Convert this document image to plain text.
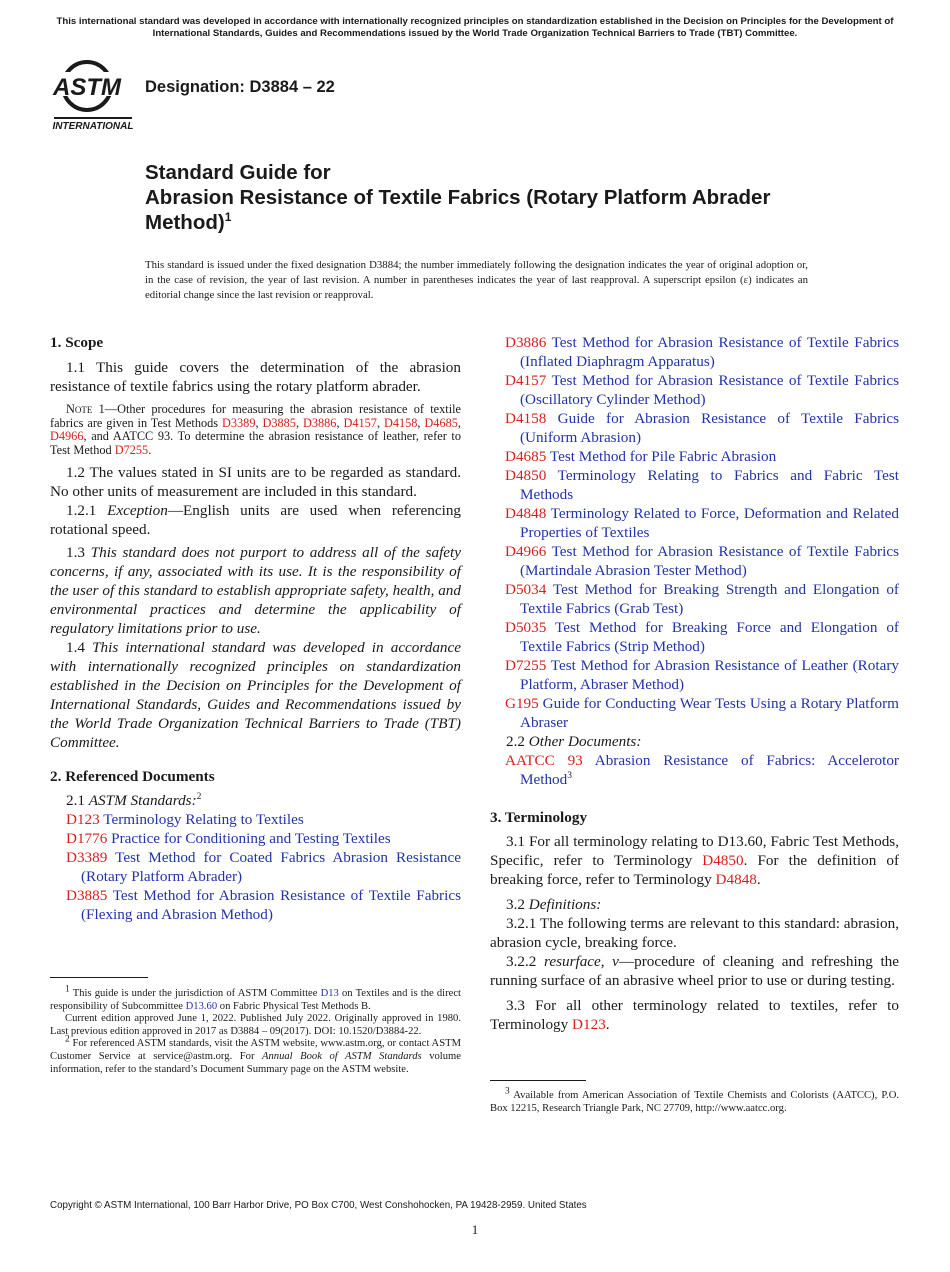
This international standard was developed in accordance with internationally recognized principles on standardization established in the Decision on Principles for the Development of International Standards, Guides and Recommendations issued by the World Trade Organization Technical Barriers to Trade (TBT) Committee.
ASTM
INTERNATIONAL
Designation: D3884 – 22
Standard Guide for
Abrasion Resistance of Textile Fabrics (Rotary Platform Abrader Method)$^1$
This standard is issued under the fixed designation D3884; the number immediately following the designation indicates the year of original adoption or, in the case of revision, the year of last revision. A number in parentheses indicates the year of last reapproval. A superscript epsilon (ε) indicates an editorial change since the last revision or reapproval.

1. Scope

1.1 This guide covers the determination of the abrasion resistance of textile fabrics using the rotary platform abrader.

Note 1—Other procedures for measuring the abrasion resistance of textile fabrics are given in Test Methods D3389, D3885, D3886, D4157, D4158, D4685, D4966, and AATCC 93. To determine the abrasion resistance of leather, refer to Test Method D7255.

1.2 The values stated in SI units are to be regarded as standard. No other units of measurement are included in this standard.

1.2.1 Exception—English units are used when referencing rotational speed.

1.3 This standard does not purport to address all of the safety concerns, if any, associated with its use. It is the responsibility of the user of this standard to establish appropriate safety, health, and environmental practices and determine the applicability of regulatory limitations prior to use.

1.4 This international standard was developed in accordance with internationally recognized principles on standardization established in the Decision on Principles for the Development of International Standards, Guides and Recommendations issued by the World Trade Organization Technical Barriers to Trade (TBT) Committee.

2. Referenced Documents

2.1 ASTM Standards:$^2$

D123 Terminology Relating to Textiles

D1776 Practice for Conditioning and Testing Textiles

D3389 Test Method for Coated Fabrics Abrasion Resistance (Rotary Platform Abrader)

D3885 Test Method for Abrasion Resistance of Textile Fabrics (Flexing and Abrasion Method)

$^1$ This guide is under the jurisdiction of ASTM Committee D13 on Textiles and is the direct responsibility of Subcommittee D13.60 on Fabric Physical Test Methods B.

Current edition approved June 1, 2022. Published July 2022. Originally approved in 1980. Last previous edition approved in 2017 as D3884 – 09(2017). DOI: 10.1520/D3884-22.

$^2$ For referenced ASTM standards, visit the ASTM website, www.astm.org, or contact ASTM Customer Service at service@astm.org. For Annual Book of ASTM Standards volume information, refer to the standard’s Document Summary page on the ASTM website.

D3886 Test Method for Abrasion Resistance of Textile Fabrics (Inflated Diaphragm Apparatus)

D4157 Test Method for Abrasion Resistance of Textile Fabrics (Oscillatory Cylinder Method)

D4158 Guide for Abrasion Resistance of Textile Fabrics (Uniform Abrasion)

D4685 Test Method for Pile Fabric Abrasion

D4850 Terminology Relating to Fabrics and Fabric Test Methods

D4848 Terminology Related to Force, Deformation and Related Properties of Textiles

D4966 Test Method for Abrasion Resistance of Textile Fabrics (Martindale Abrasion Tester Method)

D5034 Test Method for Breaking Strength and Elongation of Textile Fabrics (Grab Test)

D5035 Test Method for Breaking Force and Elongation of Textile Fabrics (Strip Method)

D7255 Test Method for Abrasion Resistance of Leather (Rotary Platform, Abraser Method)

G195 Guide for Conducting Wear Tests Using a Rotary Platform Abraser

2.2 Other Documents:

AATCC 93 Abrasion Resistance of Fabrics: Accelerotor Method$^3$

3. Terminology

3.1 For all terminology relating to D13.60, Fabric Test Methods, Specific, refer to Terminology D4850. For the definition of breaking force, refer to Terminology D4848.

3.2 Definitions:

3.2.1 The following terms are relevant to this standard: abrasion, abrasion cycle, breaking force.

3.2.2 resurface, v—procedure of cleaning and refreshing the running surface of an abrasive wheel prior to use or during testing.

3.3 For all other terminology related to textiles, refer to Terminology D123.

$^3$ Available from American Association of Textile Chemists and Colorists (AATCC), P.O. Box 12215, Research Triangle Park, NC 27709, http://www.aatcc.org.

Copyright © ASTM International, 100 Barr Harbor Drive, PO Box C700, West Conshohocken, PA 19428-2959. United States
1
